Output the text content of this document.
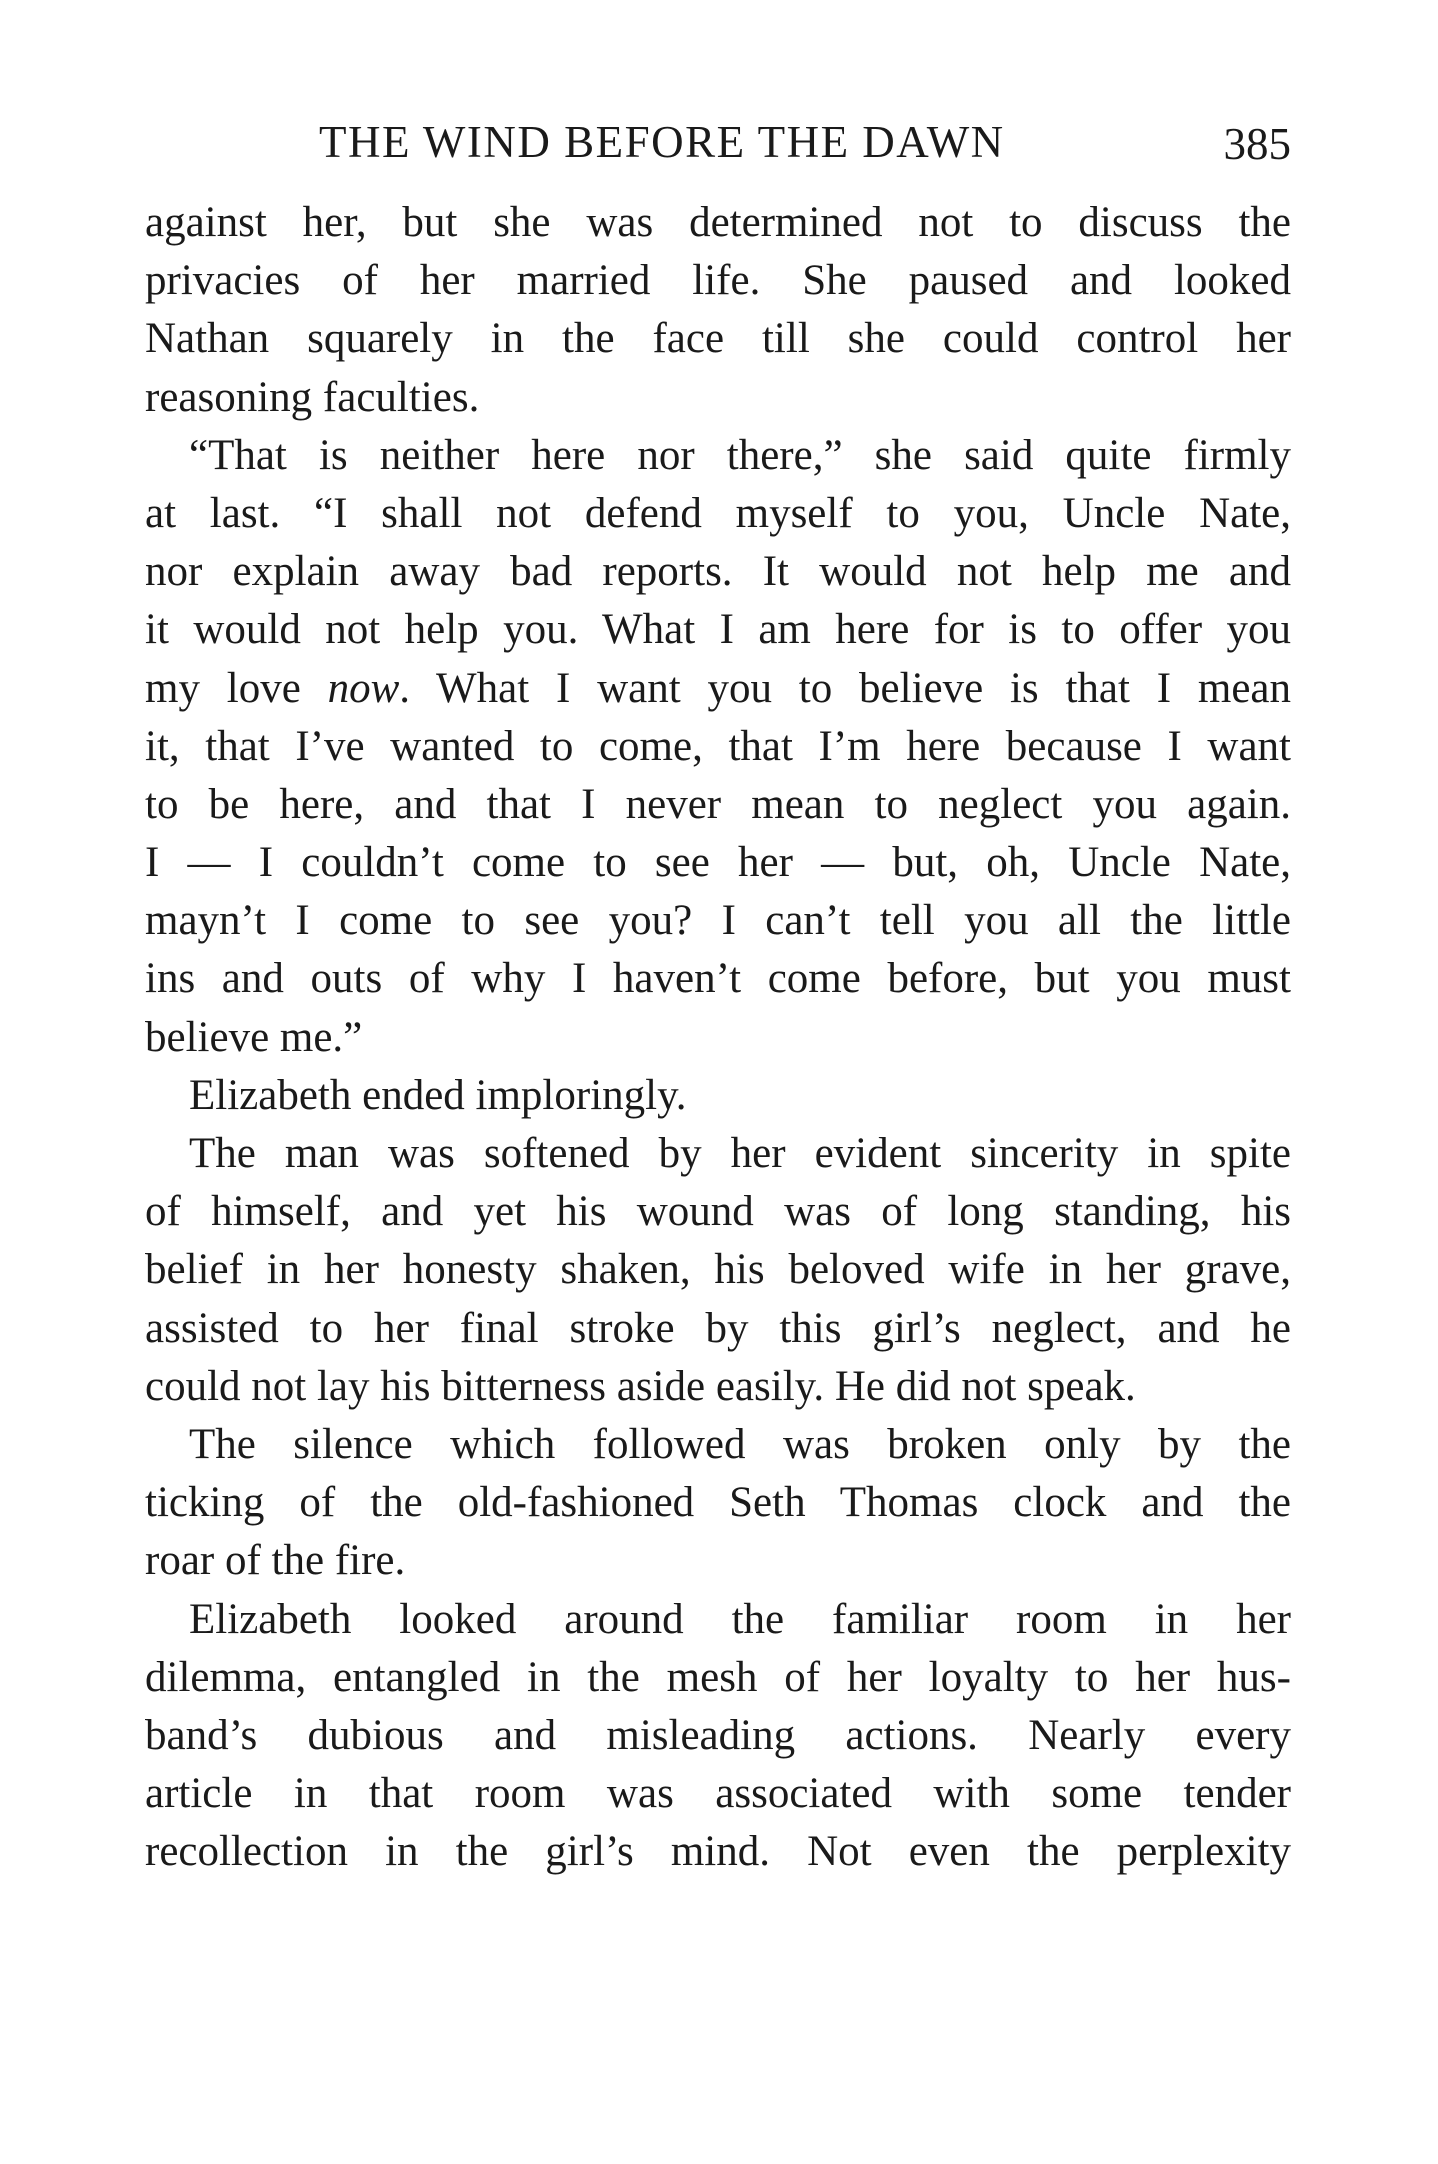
THE WIND BEFORE THE DAWN	385
against her, but she was determined not to discuss the
privacies of her married life. She paused and looked
Nathan squarely in the face till she could control her
reasoning faculties.
“That is neither here nor there,” she said quite firmly
at last. “I shall not defend myself to you, Uncle Nate,
nor explain away bad reports. It would not help me and
it would not help you. What I am here for is to offer you
my love now. What I want you to believe is that I mean
it, that I’ve wanted to come, that I’m here because I want
to be here, and that I never mean to neglect you again.
I — I couldn’t come to see her — but, oh, Uncle Nate,
mayn’t I come to see you? I can’t tell you all the little
ins and outs of why I haven’t come before, but you must
believe me.”
Elizabeth ended imploringly.
The man was softened by her evident sincerity in spite
of himself, and yet his wound was of long standing, his
belief in her honesty shaken, his beloved wife in her grave,
assisted to her final stroke by this girl’s neglect, and he
could not lay his bitterness aside easily. He did not speak.
The silence which followed was broken only by the
ticking of the old-fashioned Seth Thomas clock and the
roar of the fire.
Elizabeth looked around the familiar room in her
dilemma, entangled in the mesh of her loyalty to her hus-
band’s dubious and misleading actions. Nearly every
article in that room was associated with some tender
recollection in the girl’s mind. Not even the perplexity
